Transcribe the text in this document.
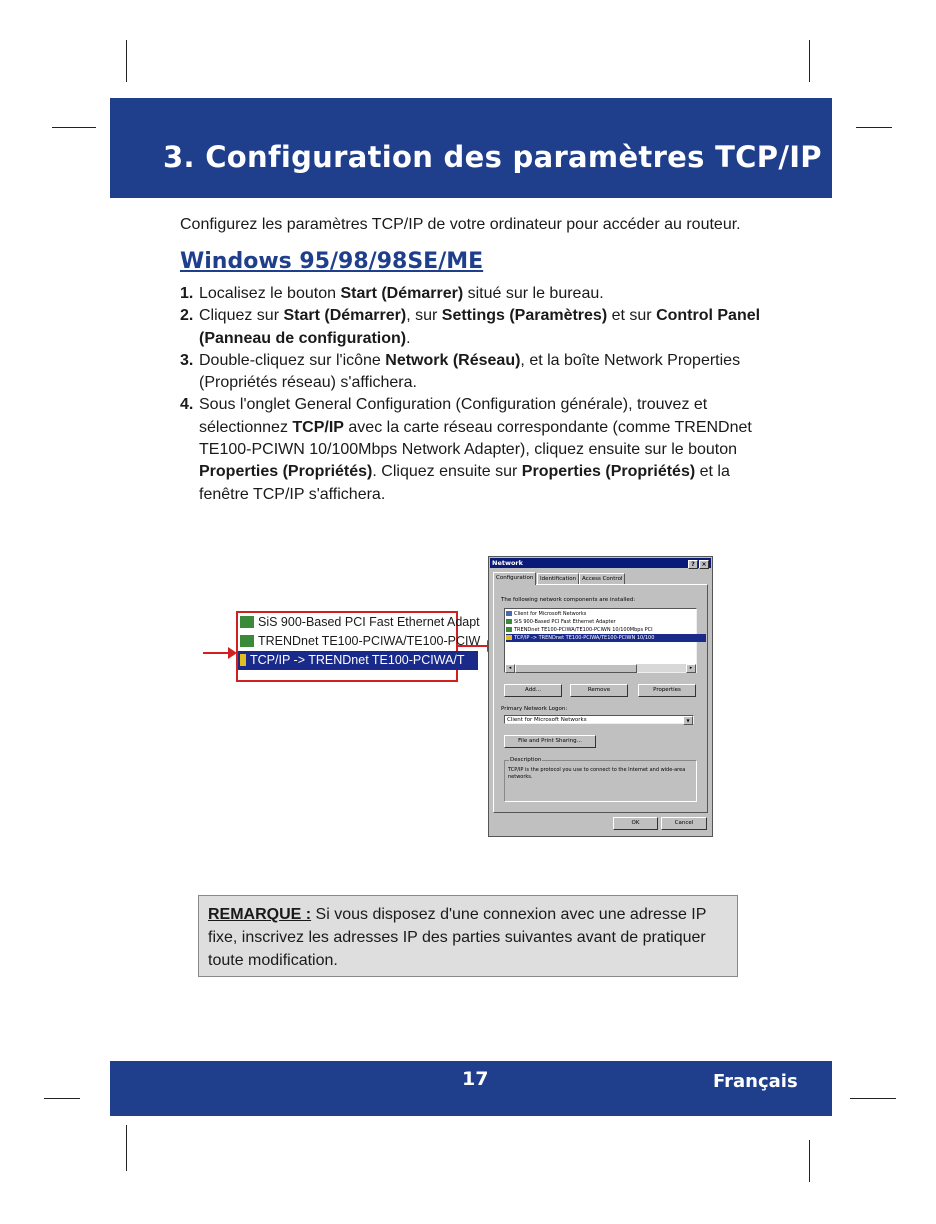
3. Configuration des paramètres TCP/IP
Configurez les paramètres TCP/IP de votre ordinateur pour accéder au routeur.
Windows 95/98/98SE/ME
1. Localisez le bouton Start (Démarrer) situé sur le bureau.
2. Cliquez sur Start (Démarrer), sur Settings (Paramètres) et sur Control Panel (Panneau de configuration).
3. Double-cliquez sur l'icône Network (Réseau), et la boîte Network Properties (Propriétés réseau) s'affichera.
4. Sous l'onglet General Configuration (Configuration générale), trouvez et sélectionnez TCP/IP avec la carte réseau correspondante (comme TRENDnet TE100-PCIWN 10/100Mbps Network Adapter), cliquez ensuite sur le bouton Properties (Propriétés). Cliquez ensuite sur Properties (Propriétés) et la fenêtre TCP/IP s'affichera.
SiS 900-Based PCI Fast Ethernet Adapt
TRENDnet TE100-PCIWA/TE100-PCIW
TCP/IP -> TRENDnet TE100-PCIWA/T
Network	?	×
Configuration	Identification	Access Control
The following network components are installed:
Client for Microsoft Networks
SiS 900-Based PCI Fast Ethernet Adapter
TRENDnet TE100-PCIWA/TE100-PCIWN 10/100Mbps PCI
TCP/IP -> TRENDnet TE100-PCIWA/TE100-PCIWN 10/100
◂	▸
Add...	Remove	Properties
Primary Network Logon:
Client for Microsoft Networks	▼
File and Print Sharing...
Description
TCP/IP is the protocol you use to connect to the Internet and wide-area networks.
OK	Cancel
REMARQUE : Si vous disposez d'une connexion avec une adresse IP fixe, inscrivez les adresses IP des parties suivantes avant de pratiquer toute modification.
17	Français
